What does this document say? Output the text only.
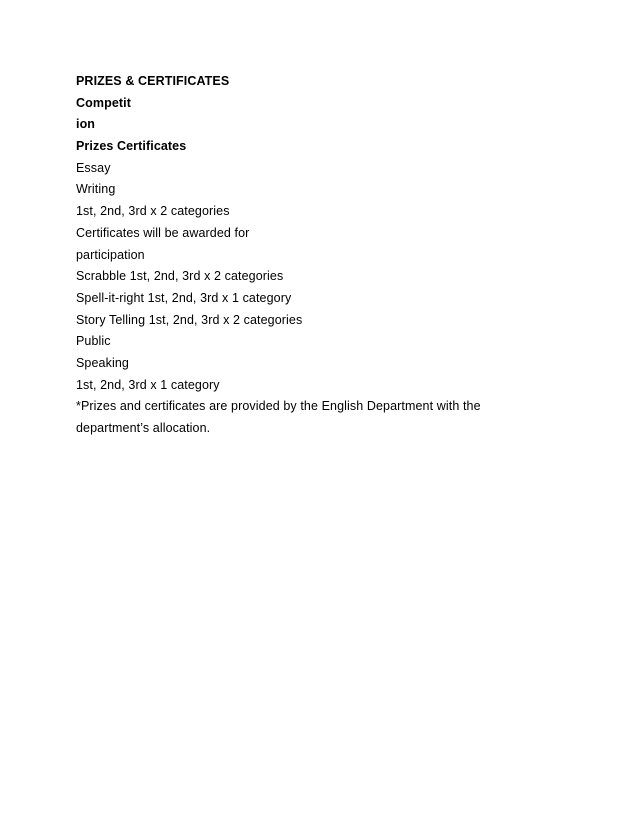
PRIZES & CERTIFICATES
Competit
ion
Prizes Certificates
Essay
Writing
1st, 2nd, 3rd x 2 categories
Certificates will be awarded for
participation
Scrabble 1st, 2nd, 3rd x 2 categories
Spell-it-right 1st, 2nd, 3rd x 1 category
Story Telling 1st, 2nd, 3rd x 2 categories
Public
Speaking
1st, 2nd, 3rd x 1 category
*Prizes and certificates are provided by the English Department with the
department’s allocation.
